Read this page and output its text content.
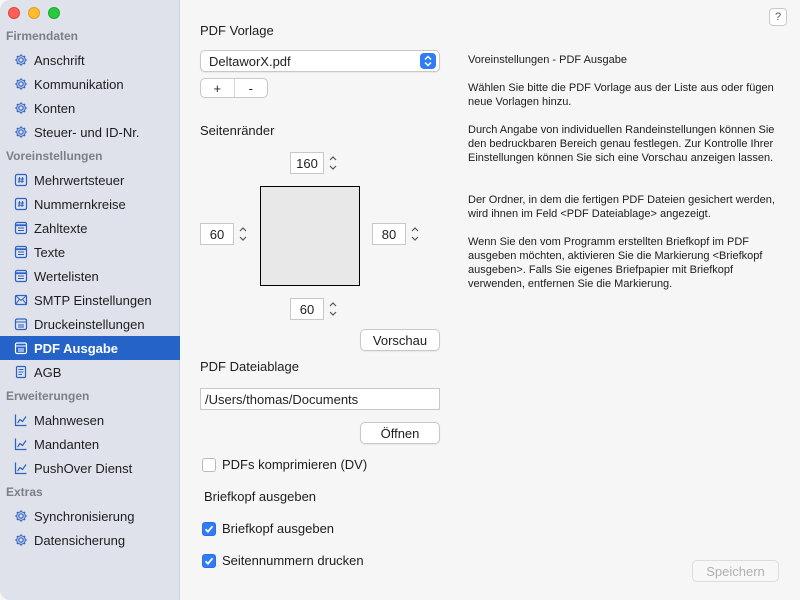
Firmendaten
Anschrift
Kommunikation
Konten
Steuer- und ID-Nr.
Voreinstellungen
Mehrwertsteuer
Nummernkreise
Zahltexte
Texte
Wertelisten
SMTP Einstellungen
Druckeinstellungen
PDF Ausgabe
AGB
Erweiterungen
Mahnwesen
Mandanten
PushOver Dienst
Extras
Synchronisierung
Datensicherung
?
PDF Vorlage
DeltaworX.pdf
+	-
Seitenränder
160
60	80
60
Vorschau
PDF Dateiablage
/Users/thomas/Documents
Öffnen
PDFs komprimieren (DV)
Briefkopf ausgeben
Briefkopf ausgeben
Seitennummern drucken
Speichern
Voreinstellungen - PDF Ausgabe
Wählen Sie bitte die PDF Vorlage aus der Liste aus oder fügen neue Vorlagen hinzu.
Durch Angabe von individuellen Randeinstellungen können Sie den bedruckbaren Bereich genau festlegen. Zur Kontrolle Ihrer Einstellungen können Sie sich eine Vorschau anzeigen lassen.
Der Ordner, in dem die fertigen PDF Dateien gesichert werden, wird ihnen im Feld <PDF Dateiablage> angezeigt.
Wenn Sie den vom Programm erstellten Briefkopf im PDF ausgeben möchten, aktivieren Sie die Markierung <Briefkopf ausgeben>. Falls Sie eigenes Briefpapier mit Briefkopf verwenden, entfernen Sie die Markierung.
